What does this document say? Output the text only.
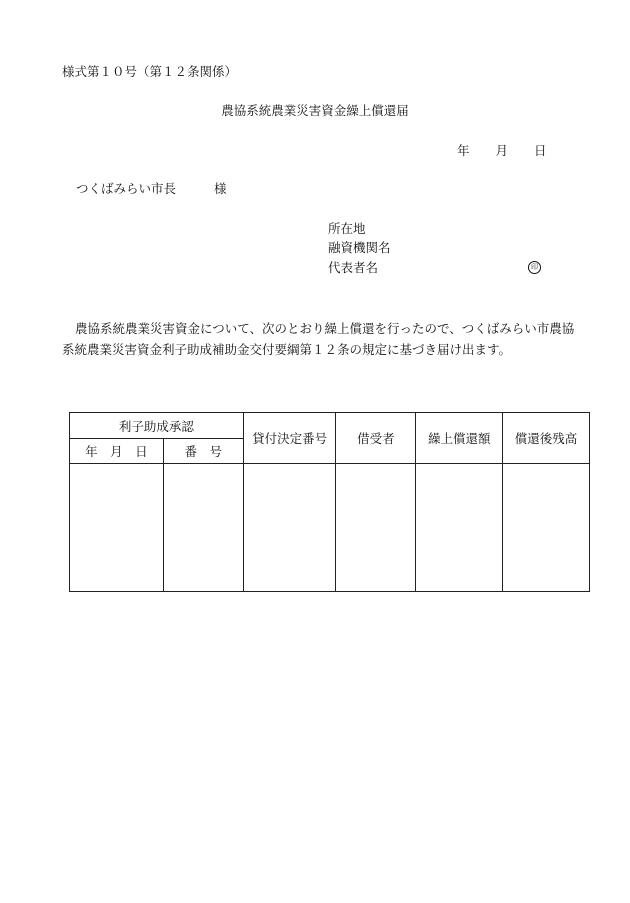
様式第１０号（第１２条関係）
農協系統農業災害資金繰上償還届
年 月 日
つくばみらい市長	様
所在地
融資機関名
代表者名	印
農協系統農業災害資金について、次のとおり繰上償還を行ったので、つくばみらい市農協系統農業災害資金利子助成補助金交付要綱第１２条の規定に基づき届け出ます。
利子助成承認		貸付決定番号	借受者	繰上償還額	償還後残高
年　月　日	番　号				
